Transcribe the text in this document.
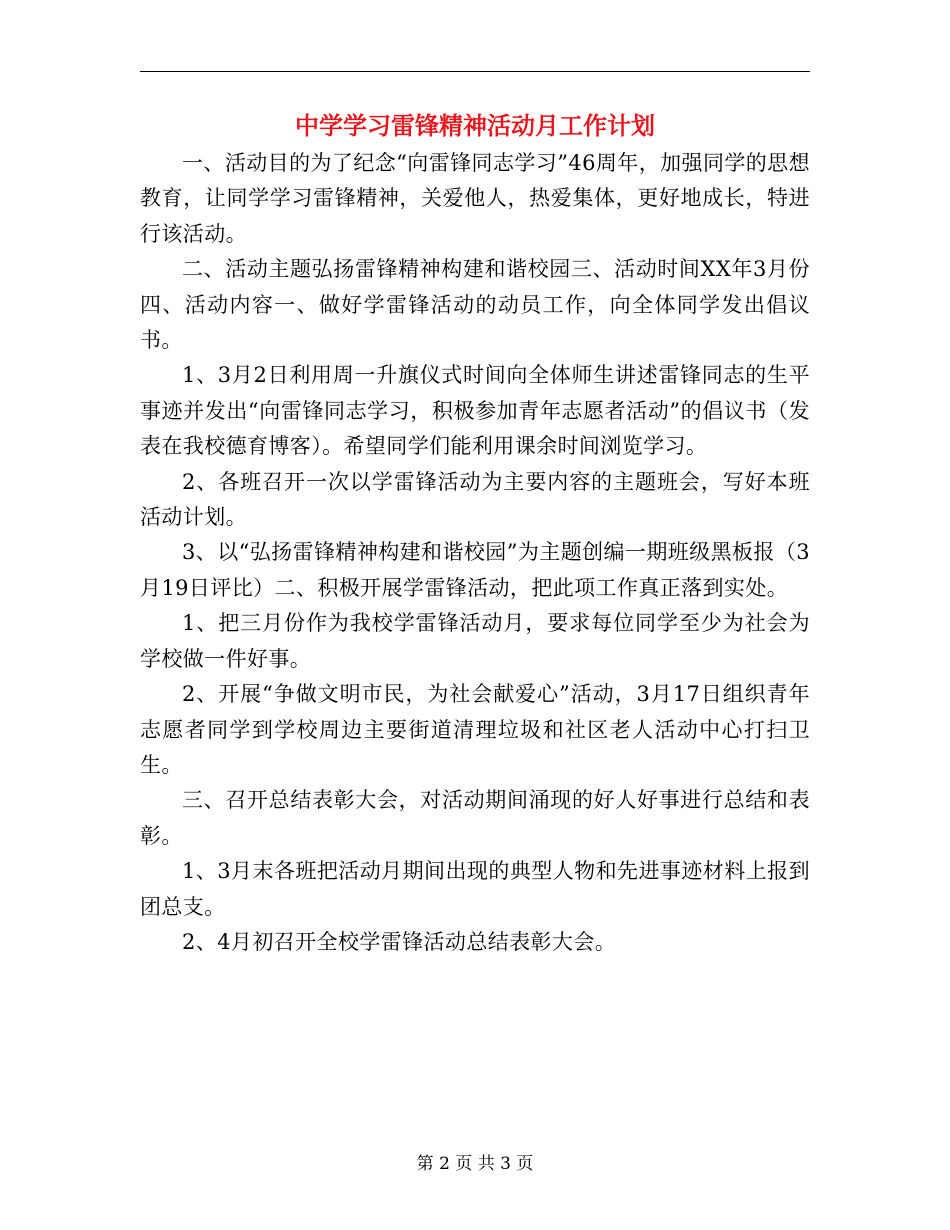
中学学习雷锋精神活动月工作计划

一、活动目的为了纪念“向雷锋同志学习”46周年，加强同学的思想教育，让同学学习雷锋精神，关爱他人，热爱集体，更好地成长，特进行该活动。

二、活动主题弘扬雷锋精神构建和谐校园三、活动时间XX年3月份四、活动内容一、做好学雷锋活动的动员工作，向全体同学发出倡议书。

1、3月2日利用周一升旗仪式时间向全体师生讲述雷锋同志的生平事迹并发出“向雷锋同志学习，积极参加青年志愿者活动”的倡议书（发表在我校德育博客）。希望同学们能利用课余时间浏览学习。

2、各班召开一次以学雷锋活动为主要内容的主题班会，写好本班活动计划。

3、以“弘扬雷锋精神构建和谐校园”为主题创编一期班级黑板报（3月19日评比）二、积极开展学雷锋活动，把此项工作真正落到实处。

1、把三月份作为我校学雷锋活动月，要求每位同学至少为社会为学校做一件好事。

2、开展“争做文明市民，为社会献爱心”活动，3月17日组织青年志愿者同学到学校周边主要街道清理垃圾和社区老人活动中心打扫卫生。

三、召开总结表彰大会，对活动期间涌现的好人好事进行总结和表彰。

1、3月末各班把活动月期间出现的典型人物和先进事迹材料上报到团总支。

2、4月初召开全校学雷锋活动总结表彰大会。

第 2 页 共 3 页
